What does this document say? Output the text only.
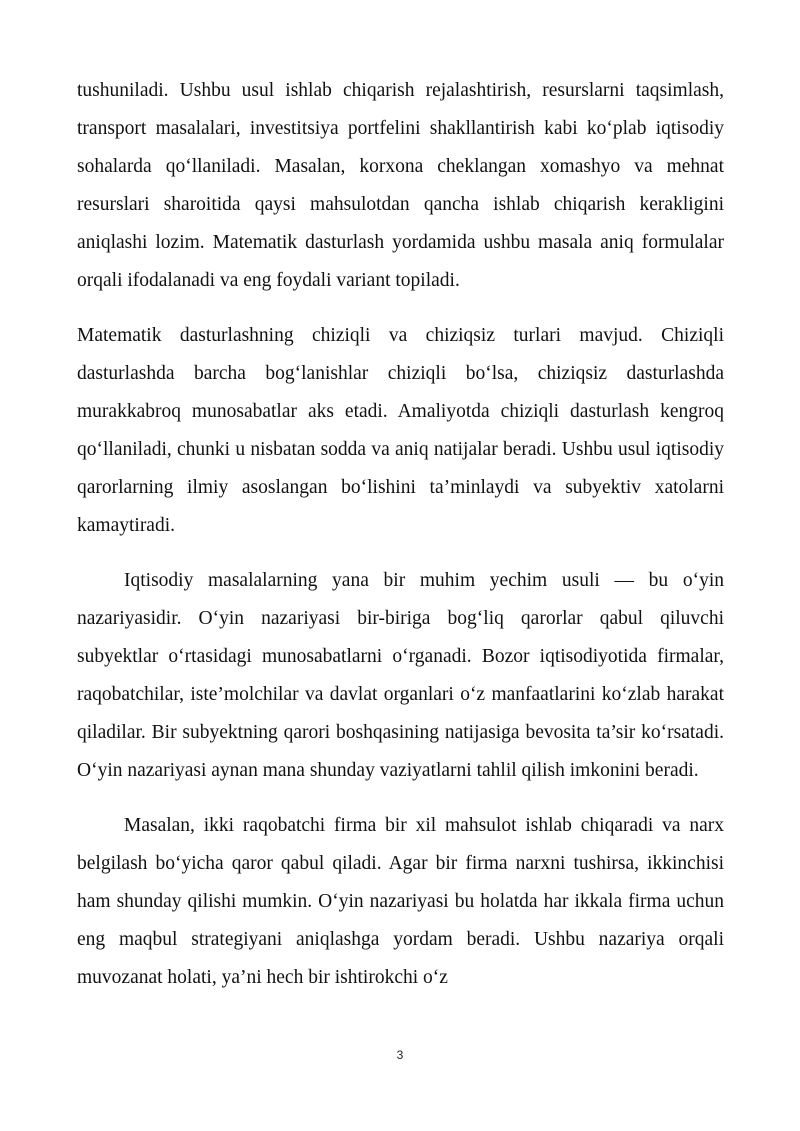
tushuniladi. Ushbu usul ishlab chiqarish rejalashtirish, resurslarni taqsimlash, transport masalalari, investitsiya portfelini shakllantirish kabi ko‘plab iqtisodiy sohalarda qo‘llaniladi. Masalan, korxona cheklangan xomashyo va mehnat resurslari sharoitida qaysi mahsulotdan qancha ishlab chiqarish kerakligini aniqlashi lozim. Matematik dasturlash yordamida ushbu masala aniq formulalar orqali ifodalanadi va eng foydali variant topiladi.

Matematik dasturlashning chiziqli va chiziqsiz turlari mavjud. Chiziqli dasturlashda barcha bog‘lanishlar chiziqli bo‘lsa, chiziqsiz dasturlashda murakkabroq munosabatlar aks etadi. Amaliyotda chiziqli dasturlash kengroq qo‘llaniladi, chunki u nisbatan sodda va aniq natijalar beradi. Ushbu usul iqtisodiy qarorlarning ilmiy asoslangan bo‘lishini ta’minlaydi va subyektiv xatolarni kamaytiradi.

Iqtisodiy masalalarning yana bir muhim yechim usuli — bu o‘yin nazariyasidir. O‘yin nazariyasi bir-biriga bog‘liq qarorlar qabul qiluvchi subyektlar o‘rtasidagi munosabatlarni o‘rganadi. Bozor iqtisodiyotida firmalar, raqobatchilar, iste’molchilar va davlat organlari o‘z manfaatlarini ko‘zlab harakat qiladilar. Bir subyektning qarori boshqasining natijasiga bevosita ta’sir ko‘rsatadi. O‘yin nazariyasi aynan mana shunday vaziyatlarni tahlil qilish imkonini beradi.

Masalan, ikki raqobatchi firma bir xil mahsulot ishlab chiqaradi va narx belgilash bo‘yicha qaror qabul qiladi. Agar bir firma narxni tushirsa, ikkinchisi ham shunday qilishi mumkin. O‘yin nazariyasi bu holatda har ikkala firma uchun eng maqbul strategiyani aniqlashga yordam beradi. Ushbu nazariya orqali muvozanat holati, ya’ni hech bir ishtirokchi o‘z

3
